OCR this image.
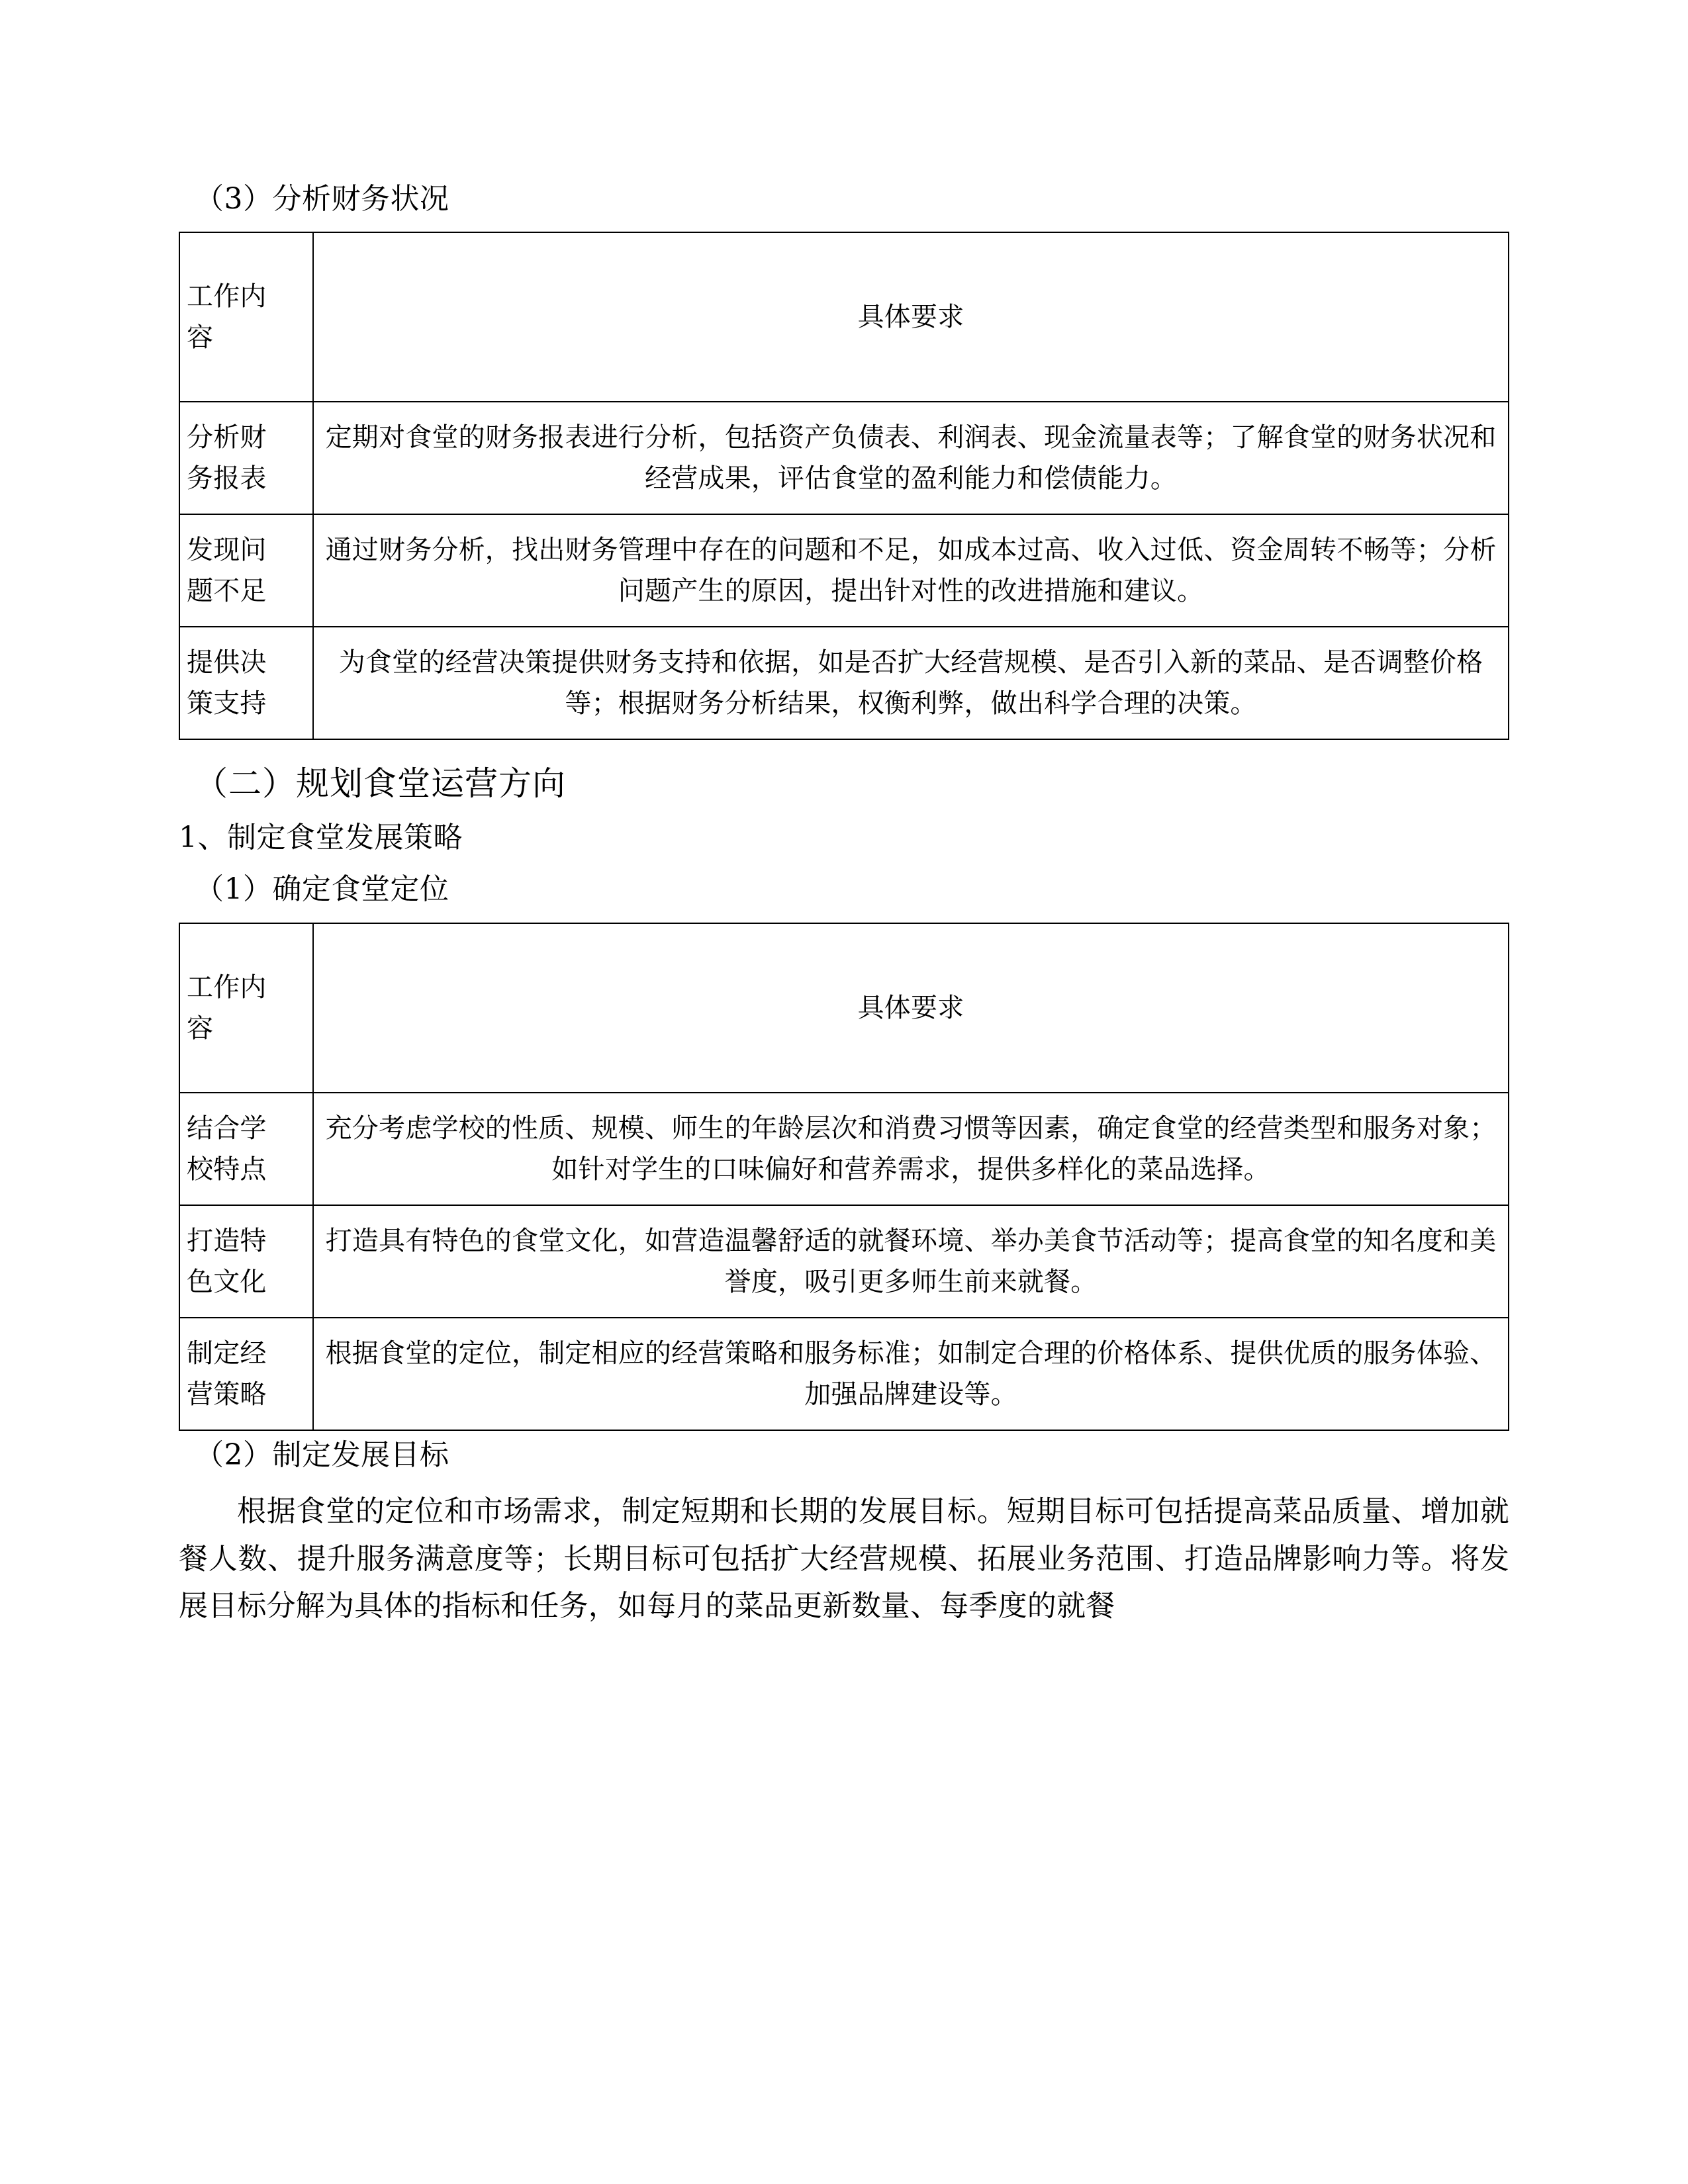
（3）分析财务状况

工作内
容	具体要求

分析财
务报表	定期对食堂的财务报表进行分析，包括资产负债表、利润表、现金流量表等；了解食堂的财务状况和经营成果，评估食堂的盈利能力和偿债能力。

发现问
题不足	通过财务分析，找出财务管理中存在的问题和不足，如成本过高、收入过低、资金周转不畅等；分析问题产生的原因，提出针对性的改进措施和建议。

提供决
策支持	为食堂的经营决策提供财务支持和依据，如是否扩大经营规模、是否引入新的菜品、是否调整价格等；根据财务分析结果，权衡利弊，做出科学合理的决策。

（二）规划食堂运营方向

1、制定食堂发展策略

（1）确定食堂定位

工作内
容	具体要求

结合学
校特点	充分考虑学校的性质、规模、师生的年龄层次和消费习惯等因素，确定食堂的经营类型和服务对象；如针对学生的口味偏好和营养需求，提供多样化的菜品选择。

打造特
色文化	打造具有特色的食堂文化，如营造温馨舒适的就餐环境、举办美食节活动等；提高食堂的知名度和美誉度，吸引更多师生前来就餐。

制定经
营策略	根据食堂的定位，制定相应的经营策略和服务标准；如制定合理的价格体系、提供优质的服务体验、加强品牌建设等。

（2）制定发展目标

根据食堂的定位和市场需求，制定短期和长期的发展目标。短期目标可包括提高菜品质量、增加就餐人数、提升服务满意度等；长期目标可包括扩大经营规模、拓展业务范围、打造品牌影响力等。将发展目标分解为具体的指标和任务，如每月的菜品更新数量、每季度的就餐
